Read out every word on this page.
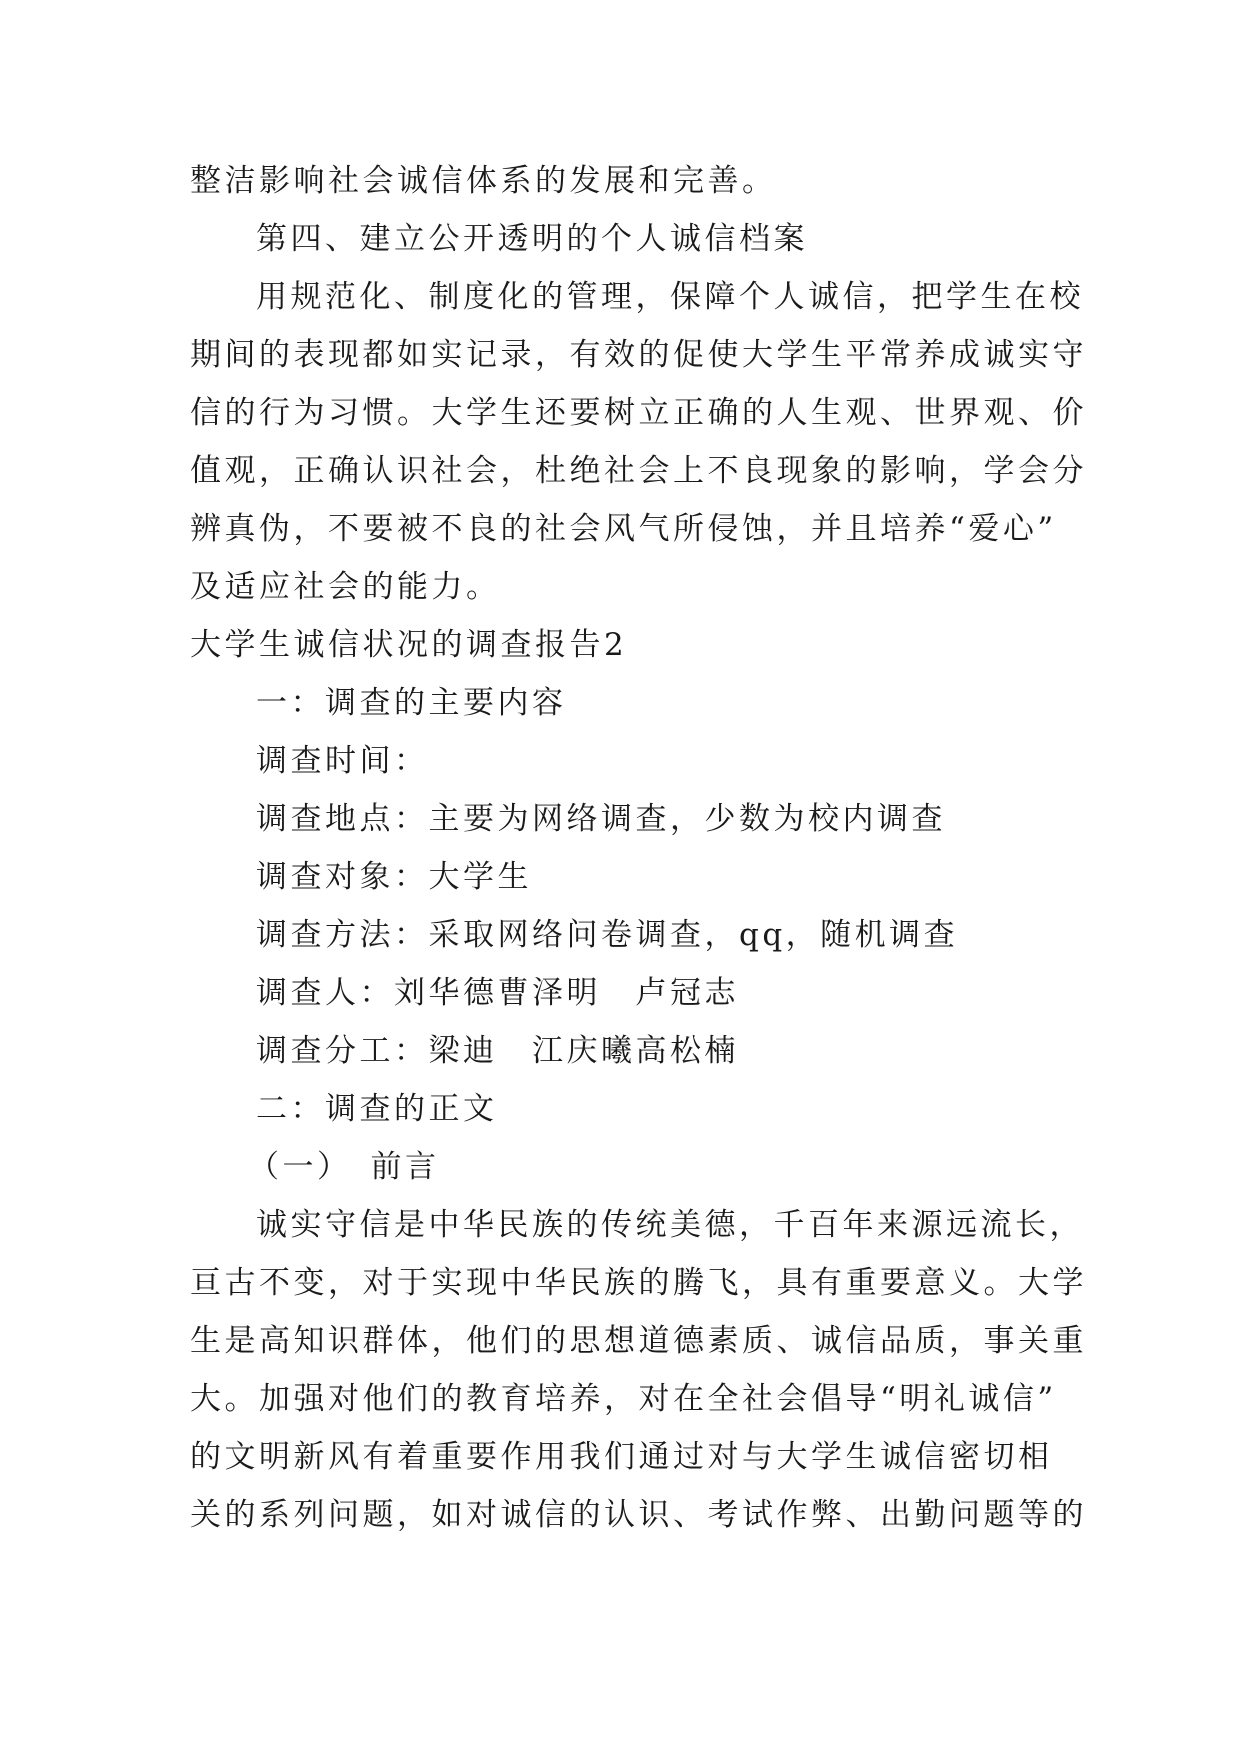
整洁影响社会诚信体系的发展和完善。
第四、建立公开透明的个人诚信档案
用规范化、制度化的管理，保障个人诚信，把学生在校
期间的表现都如实记录，有效的促使大学生平常养成诚实守
信的行为习惯。大学生还要树立正确的人生观、世界观、价
值观，正确认识社会，杜绝社会上不良现象的影响，学会分
辨真伪，不要被不良的社会风气所侵蚀，并且培养“爱心”
及适应社会的能力。
大学生诚信状况的调查报告2
一：调查的主要内容
调查时间：
调查地点：主要为网络调查，少数为校内调查
调查对象：大学生
调查方法：采取网络问卷调查，qq，随机调查
调查人：刘华德曹泽明　卢冠志
调查分工：梁迪　江庆曦高松楠
二：调查的正文
（一）　前言
诚实守信是中华民族的传统美德，千百年来源远流长，
亘古不变，对于实现中华民族的腾飞，具有重要意义。大学
生是高知识群体，他们的思想道德素质、诚信品质，事关重
大。加强对他们的教育培养，对在全社会倡导“明礼诚信”
的文明新风有着重要作用我们通过对与大学生诚信密切相
关的系列问题，如对诚信的认识、考试作弊、出勤问题等的
